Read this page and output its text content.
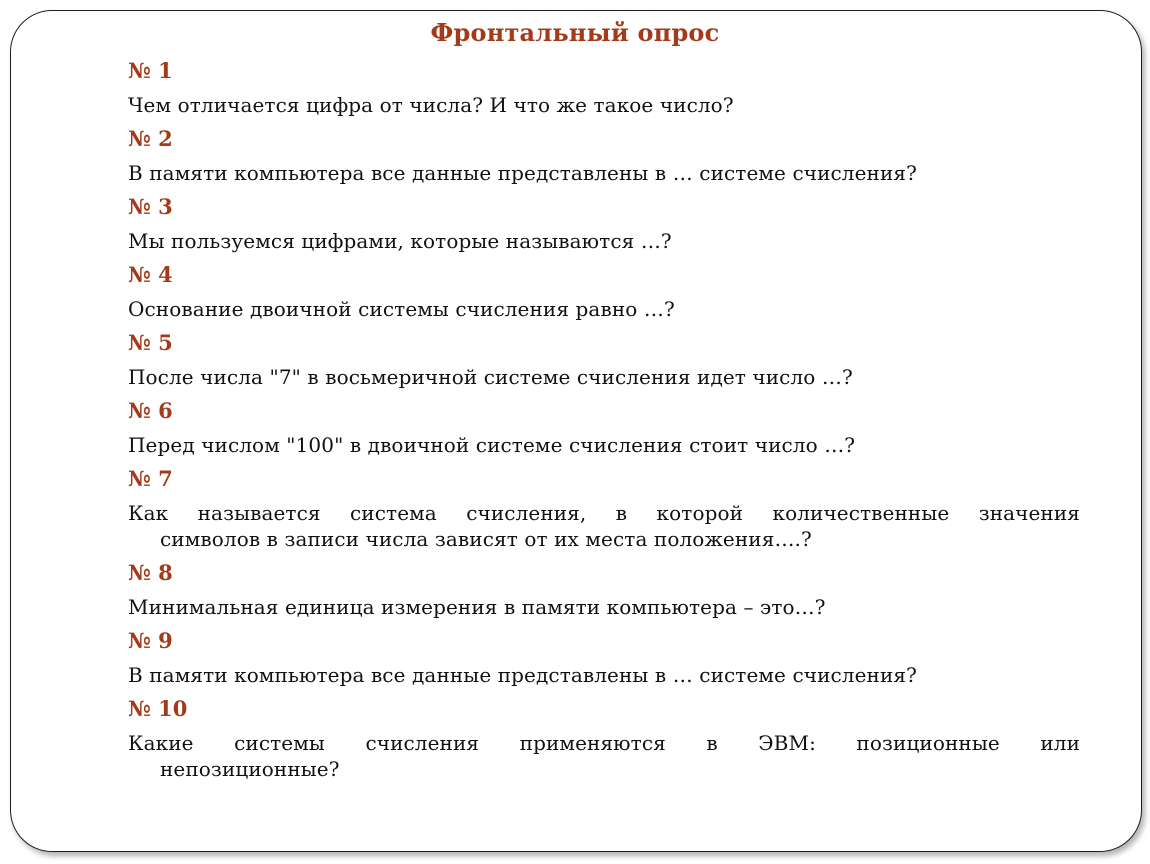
Фронтальный опрос
№ 1
Чем отличается цифра от числа? И что же такое число?
№ 2
В памяти компьютера все данные представлены в … системе счисления?
№ 3
Мы пользуемся цифрами, которые называются …?
№ 4
Основание двоичной системы счисления равно …?
№ 5
После числа "7" в восьмеричной системе счисления идет число …?
№ 6
Перед числом "100" в двоичной системе счисления стоит число …?
№ 7
Как называется система счисления, в которой количественные значения
символов в записи числа зависят от их места положения….?
№ 8
Минимальная единица измерения в памяти компьютера – это…?
№ 9
В памяти компьютера все данные представлены в … системе счисления?
№ 10
Какие системы счисления применяются в ЭВМ: позиционные или
непозиционные?
